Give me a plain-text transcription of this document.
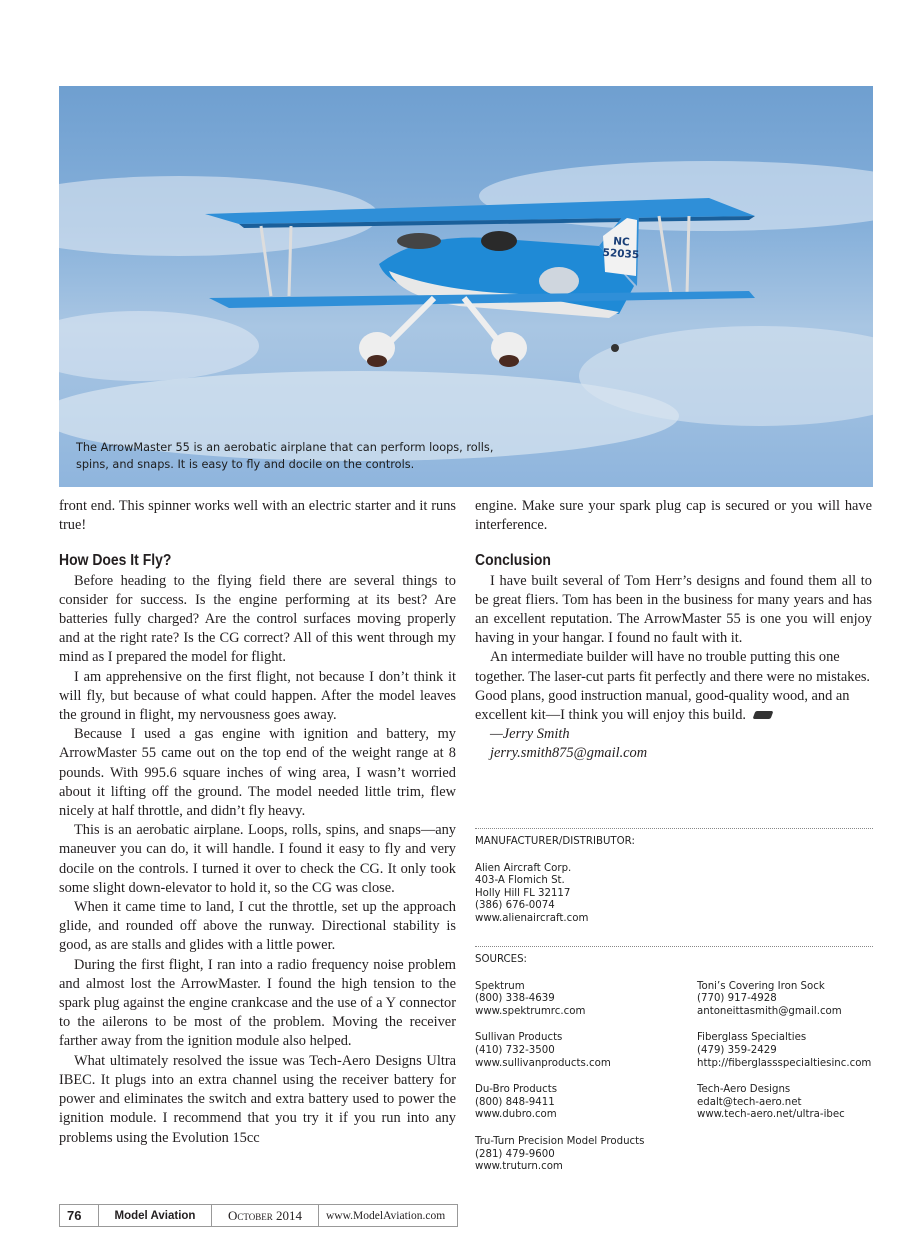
NC 52035
The ArrowMaster 55 is an aerobatic airplane that can perform loops, rolls, spins, and snaps. It is easy to fly and docile on the controls.

front end. This spinner works well with an electric starter and it runs true!

How Does It Fly?

Before heading to the flying field there are several things to consider for success. Is the engine performing at its best? Are batteries fully charged? Are the control surfaces moving properly and at the right rate? Is the CG correct? All of this went through my mind as I prepared the model for flight.

I am apprehensive on the first flight, not because I don’t think it will fly, but because of what could happen. After the model leaves the ground in flight, my nervousness goes away.

Because I used a gas engine with ignition and battery, my ArrowMaster 55 came out on the top end of the weight range at 8 pounds. With 995.6 square inches of wing area, I wasn’t worried about it lifting off the ground. The model needed little trim, flew nicely at half throttle, and didn’t fly heavy.

This is an aerobatic airplane. Loops, rolls, spins, and snaps—any maneuver you can do, it will handle. I found it easy to fly and very docile on the controls. I turned it over to check the CG. It only took some slight down-elevator to hold it, so the CG was close.

When it came time to land, I cut the throttle, set up the approach glide, and rounded off above the runway. Directional stability is good, as are stalls and glides with a little power.

During the first flight, I ran into a radio frequency noise problem and almost lost the ArrowMaster. I found the high tension to the spark plug against the engine crankcase and the use of a Y connector to the ailerons to be most of the problem. Moving the receiver farther away from the ignition module also helped.

What ultimately resolved the issue was Tech-Aero Designs Ultra IBEC. It plugs into an extra channel using the receiver battery for power and eliminates the switch and extra battery used to power the ignition module. I recommend that you try it if you run into any problems using the Evolution 15cc

engine. Make sure your spark plug cap is secured or you will have interference.

Conclusion

I have built several of Tom Herr’s designs and found them all to be great fliers. Tom has been in the business for many years and has an excellent reputation. The ArrowMaster 55 is one you will enjoy having in your hangar. I found no fault with it.

An intermediate builder will have no trouble putting this one together. The laser-cut parts fit perfectly and there were no mistakes. Good plans, good instruction manual, good-quality wood, and an excellent kit—I think you will enjoy this build.

—Jerry Smith

jerry.smith875@gmail.com

MANUFACTURER/DISTRIBUTOR:
Alien Aircraft Corp.
403-A Flomich St.
Holly Hill FL 32117
(386) 676-0074
www.alienaircraft.com
SOURCES:
Spektrum
(800) 338-4639
www.spektrumrc.com
Sullivan Products
(410) 732-3500
www.sullivanproducts.com
Du-Bro Products
(800) 848-9411
www.dubro.com
Tru-Turn Precision Model Products
(281) 479-9600
www.truturn.com
Toni’s Covering Iron Sock
(770) 917-4928
antoneittasmith@gmail.com
Fiberglass Specialties
(479) 359-2429
http://fiberglassspecialtiesinc.com
Tech-Aero Designs
edalt@tech-aero.net
www.tech-aero.net/ultra-ibec
76	Model Aviation	October 2014	www.ModelAviation.com
